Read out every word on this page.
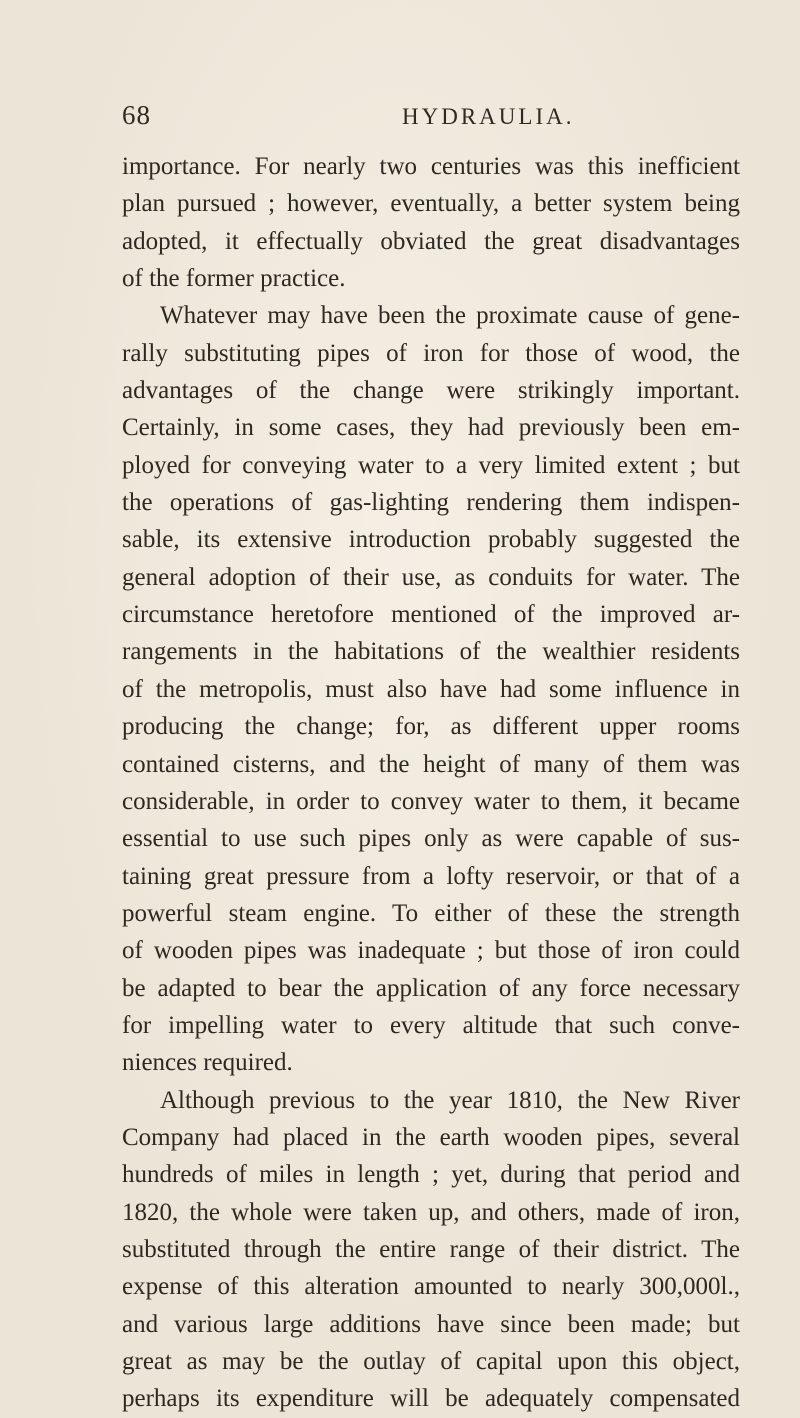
68	HYDRAULIA.
importance. For nearly two centuries was this inefficient
plan pursued ; however, eventually, a better system being
adopted, it effectually obviated the great disadvantages
of the former practice.
Whatever may have been the proximate cause of gene-
rally substituting pipes of iron for those of wood, the
advantages of the change were strikingly important.
Certainly, in some cases, they had previously been em-
ployed for conveying water to a very limited extent ; but
the operations of gas-lighting rendering them indispen-
sable, its extensive introduction probably suggested the
general adoption of their use, as conduits for water. The
circumstance heretofore mentioned of the improved ar-
rangements in the habitations of the wealthier residents
of the metropolis, must also have had some influence in
producing the change; for, as different upper rooms
contained cisterns, and the height of many of them was
considerable, in order to convey water to them, it became
essential to use such pipes only as were capable of sus-
taining great pressure from a lofty reservoir, or that of a
powerful steam engine. To either of these the strength
of wooden pipes was inadequate ; but those of iron could
be adapted to bear the application of any force necessary
for impelling water to every altitude that such conve-
niences required.
Although previous to the year 1810, the New River
Company had placed in the earth wooden pipes, several
hundreds of miles in length ; yet, during that period and
1820, the whole were taken up, and others, made of iron,
substituted through the entire range of their district. The
expense of this alteration amounted to nearly 300,000l.,
and various large additions have since been made; but
great as may be the outlay of capital upon this object,
perhaps its expenditure will be adequately compensated
